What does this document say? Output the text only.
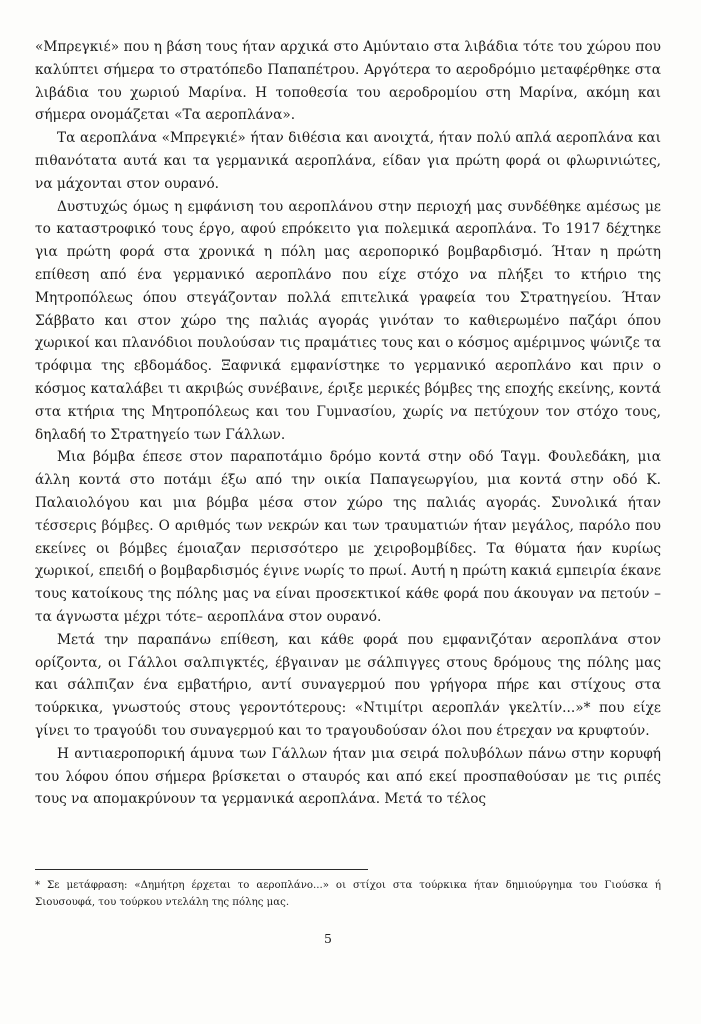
«Μπρεγκιέ» που η βάση τους ήταν αρχικά στο Αμύνταιο στα λιβάδια τότε του χώρου που καλύπτει σήμερα το στρατόπεδο Παπαπέτρου. Αργότερα το αεροδρόμιο μεταφέρθηκε στα λιβάδια του χωριού Μαρίνα. Η τοποθεσία του αεροδρομίου στη Μαρίνα, ακόμη και σήμερα ονομάζεται «Τα αεροπλάνα».

Τα αεροπλάνα «Μπρεγκιέ» ήταν διθέσια και ανοιχτά, ήταν πολύ απλά αεροπλάνα και πιθανότατα αυτά και τα γερμανικά αεροπλάνα, είδαν για πρώτη φορά οι φλωρινιώτες, να μάχονται στον ουρανό.

Δυστυχώς όμως η εμφάνιση του αεροπλάνου στην περιοχή μας συνδέθηκε αμέσως με το καταστροφικό τους έργο, αφού επρόκειτο για πολεμικά αεροπλάνα. Το 1917 δέχτηκε για πρώτη φορά στα χρονικά η πόλη μας αεροπορικό βομβαρδισμό. Ήταν η πρώτη επίθεση από ένα γερμανικό αεροπλάνο που είχε στόχο να πλήξει το κτήριο της Μητροπόλεως όπου στεγάζονταν πολλά επιτελικά γραφεία του Στρατηγείου. Ήταν Σάββατο και στον χώρο της παλιάς αγοράς γινόταν το καθιερωμένο παζάρι όπου χωρικοί και πλανόδιοι πουλούσαν τις πραμάτιες τους και ο κόσμος αμέριμνος ψώνιζε τα τρόφιμα της εβδομάδος. Ξαφνικά εμφανίστηκε το γερμανικό αεροπλάνο και πριν ο κόσμος καταλάβει τι ακριβώς συνέβαινε, έριξε μερικές βόμβες της εποχής εκείνης, κοντά στα κτήρια της Μητροπόλεως και του Γυμνασίου, χωρίς να πετύχουν τον στόχο τους, δηλαδή το Στρατηγείο των Γάλλων.

Μια βόμβα έπεσε στον παραποτάμιο δρόμο κοντά στην οδό Ταγμ. Φουλεδάκη, μια άλλη κοντά στο ποτάμι έξω από την οικία Παπαγεωργίου, μια κοντά στην οδό Κ. Παλαιολόγου και μια βόμβα μέσα στον χώρο της παλιάς αγοράς. Συνολικά ήταν τέσσερις βόμβες. Ο αριθμός των νεκρών και των τραυματιών ήταν μεγάλος, παρόλο που εκείνες οι βόμβες έμοιαζαν περισσότερο με χειροβομβίδες. Τα θύματα ήαν κυρίως χωρικοί, επειδή ο βομβαρδισμός έγινε νωρίς το πρωί. Αυτή η πρώτη κακιά εμπειρία έκανε τους κατοίκους της πόλης μας να είναι προσεκτικοί κάθε φορά που άκουγαν να πετούν –τα άγνωστα μέχρι τότε– αεροπλάνα στον ουρανό.

Μετά την παραπάνω επίθεση, και κάθε φορά που εμφανιζόταν αεροπλάνα στον ορίζοντα, οι Γάλλοι σαλπιγκτές, έβγαιναν με σάλπιγγες στους δρόμους της πόλης μας και σάλπιζαν ένα εμβατήριο, αντί συναγερμού που γρήγορα πήρε και στίχους στα τούρκικα, γνωστούς στους γεροντότερους: «Ντιμίτρι αεροπλάν γκελτίν...»* που είχε γίνει το τραγούδι του συναγερμού και το τραγουδούσαν όλοι που έτρεχαν να κρυφτούν.

Η αντιαεροπορική άμυνα των Γάλλων ήταν μια σειρά πολυβόλων πάνω στην κορυφή του λόφου όπου σήμερα βρίσκεται ο σταυρός και από εκεί προσπαθούσαν με τις ριπές τους να απομακρύνουν τα γερμανικά αεροπλάνα. Μετά το τέλος

* Σε μετάφραση: «Δημήτρη έρχεται το αεροπλάνο...» οι στίχοι στα τούρκικα ήταν δημιούργημα του Γιούσκα ή Σιουσουφά, του τούρκου ντελάλη της πόλης μας.
5
